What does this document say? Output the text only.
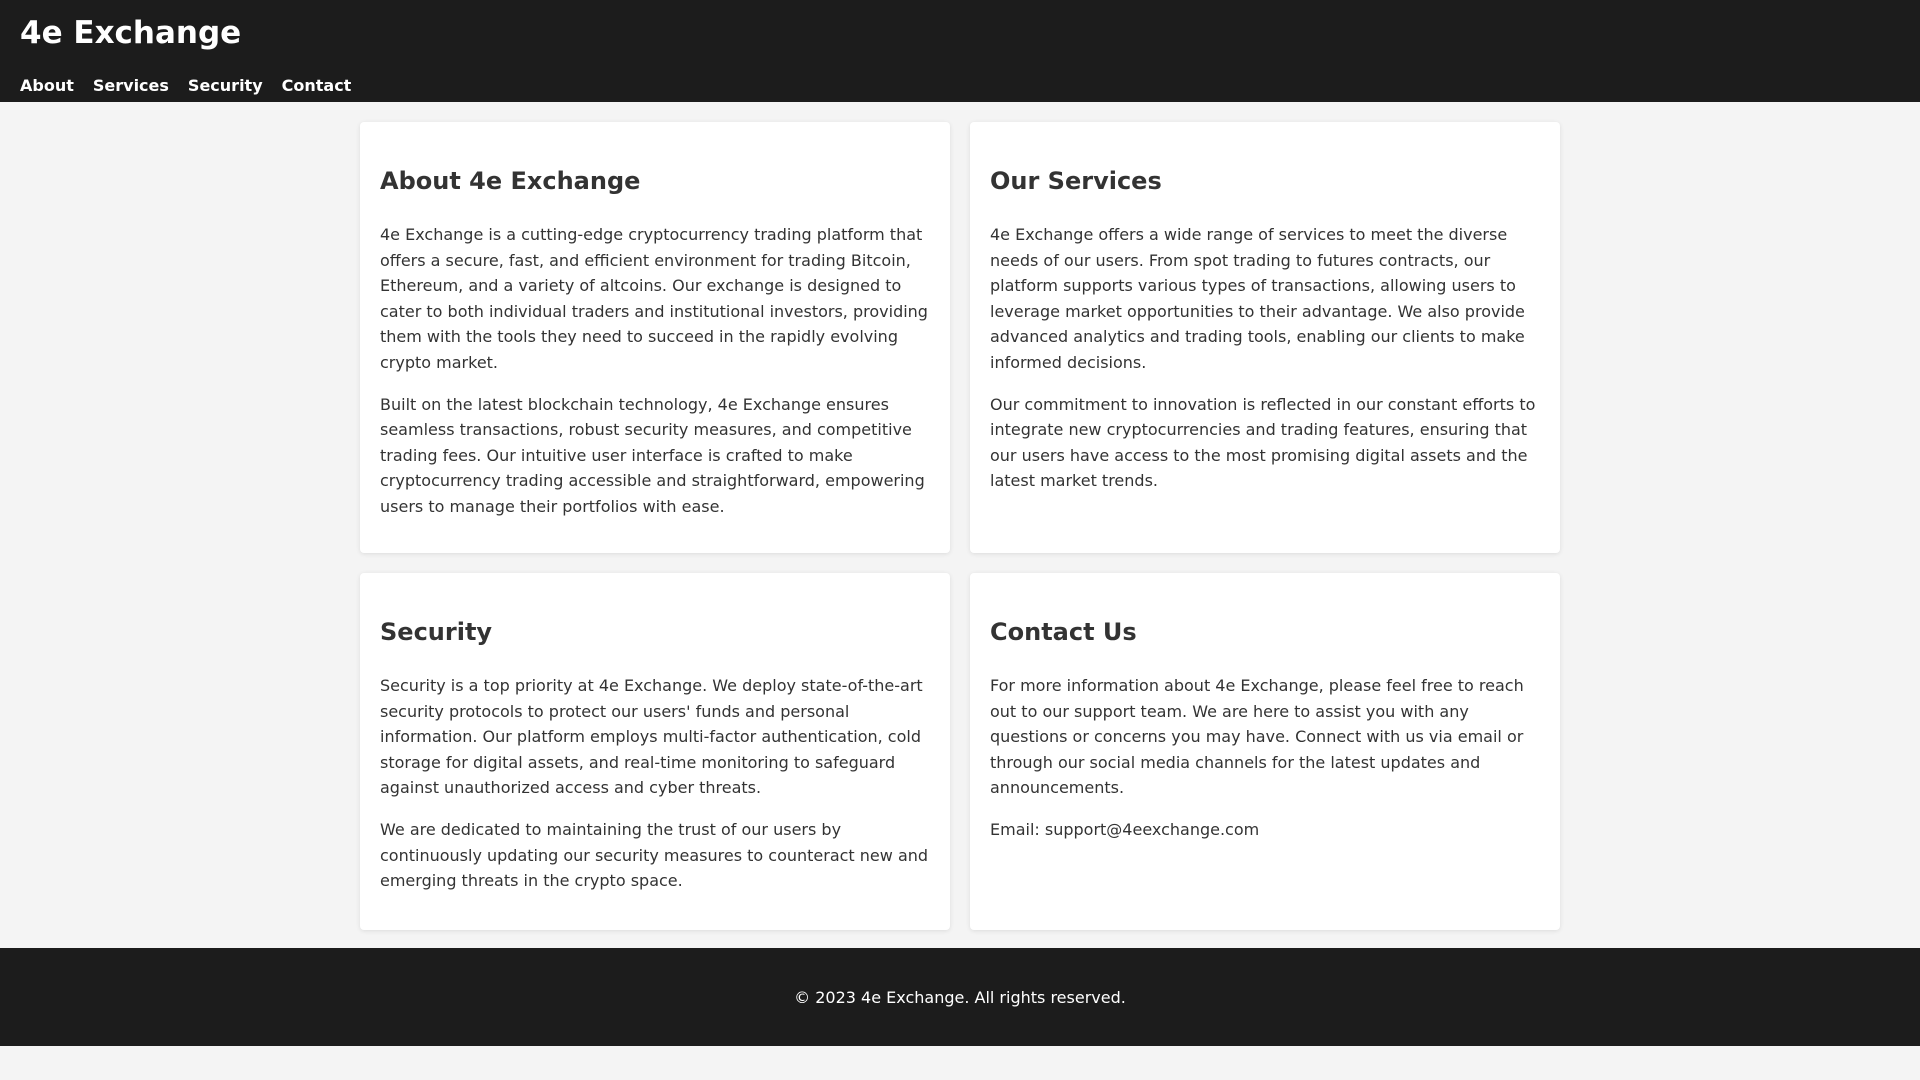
4e Exchange
About Services Security Contact
About 4e Exchange

4e Exchange is a cutting-edge cryptocurrency trading platform that offers a secure, fast, and efficient environment for trading Bitcoin, Ethereum, and a variety of altcoins. Our exchange is designed to cater to both individual traders and institutional investors, providing them with the tools they need to succeed in the rapidly evolving crypto market.

Built on the latest blockchain technology, 4e Exchange ensures seamless transactions, robust security measures, and competitive trading fees. Our intuitive user interface is crafted to make cryptocurrency trading accessible and straightforward, empowering users to manage their portfolios with ease.

Our Services

4e Exchange offers a wide range of services to meet the diverse needs of our users. From spot trading to futures contracts, our platform supports various types of transactions, allowing users to leverage market opportunities to their advantage. We also provide advanced analytics and trading tools, enabling our clients to make informed decisions.

Our commitment to innovation is reflected in our constant efforts to integrate new cryptocurrencies and trading features, ensuring that our users have access to the most promising digital assets and the latest market trends.

Security

Security is a top priority at 4e Exchange. We deploy state-of-the-art security protocols to protect our users' funds and personal information. Our platform employs multi-factor authentication, cold storage for digital assets, and real-time monitoring to safeguard against unauthorized access and cyber threats.

We are dedicated to maintaining the trust of our users by continuously updating our security measures to counteract new and emerging threats in the crypto space.

Contact Us

For more information about 4e Exchange, please feel free to reach out to our support team. We are here to assist you with any questions or concerns you may have. Connect with us via email or through our social media channels for the latest updates and announcements.

Email: support@4eexchange.com

© 2023 4e Exchange. All rights reserved.
